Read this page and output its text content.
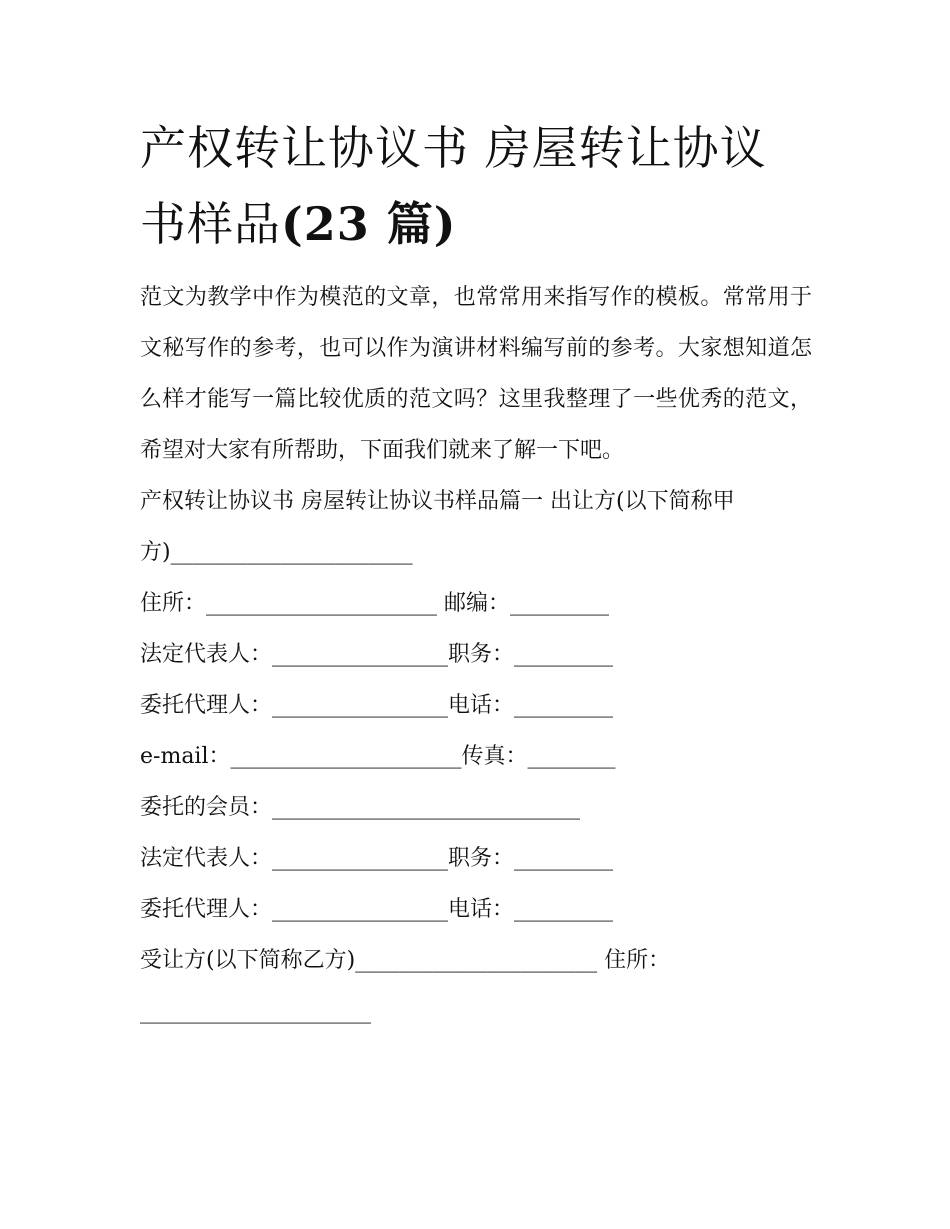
产权转让协议书 房屋转让协议书样品(23 篇)

范文为教学中作为模范的文章，也常常用来指写作的模板。常常用于文秘写作的参考，也可以作为演讲材料编写前的参考。大家想知道怎么样才能写一篇比较优质的范文吗？这里我整理了一些优秀的范文，希望对大家有所帮助，下面我们就来了解一下吧。

产权转让协议书 房屋转让协议书样品篇一 出让方(以下简称甲方)______________________

住所：_____________________ 邮编：_________

法定代表人：________________职务：_________

委托代理人：________________电话：_________

e-mail：_____________________传真：________

委托的会员：____________________________

法定代表人：________________职务：_________

委托代理人：________________电话：_________

受让方(以下简称乙方)______________________ 住所：_____________________
